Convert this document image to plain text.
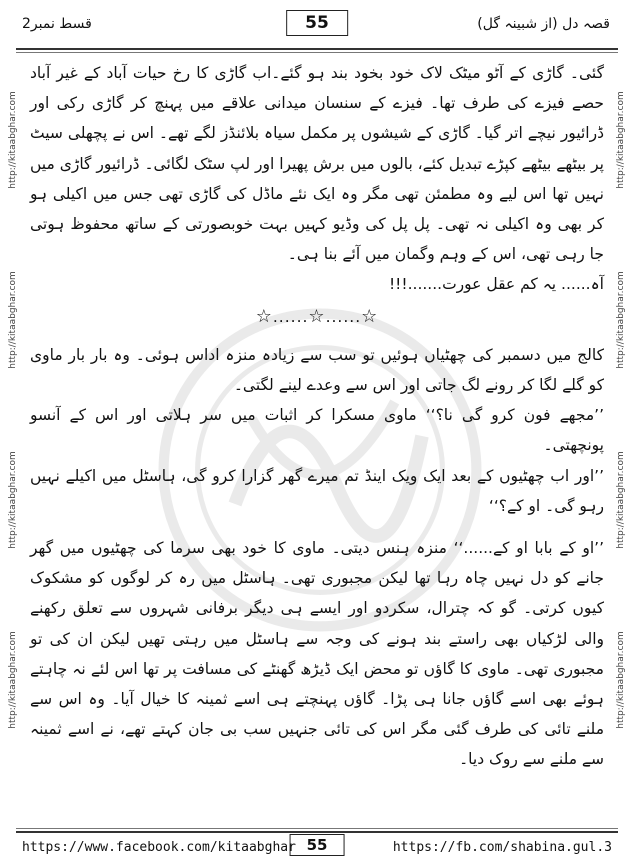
قصہ دل (از شبینہ گل)
55
قسط نمبر2
http://kitaabghar.com
http://kitaabghar.com
http://kitaabghar.com
http://kitaabghar.com
http://kitaabghar.com
http://kitaabghar.com
http://kitaabghar.com
http://kitaabghar.com

گئی۔ گاڑی کے آٹو میٹک لاک خود بخود بند ہو گئے۔اب گاڑی کا رخ حیات آباد کے غیر آباد حصے فیزے کی طرف تھا۔ فیزے کے سنسان میدانی علاقے میں پہنچ کر گاڑی رکی اور ڈرائیور نیچے اتر گیا۔ گاڑی کے شیشوں پر مکمل سیاہ بلائنڈز لگے تھے۔ اس نے پچھلی سیٹ پر بیٹھے بیٹھے کپڑے تبدیل کئے، بالوں میں برش پھیرا اور لپ سٹک لگائی۔ ڈرائیور گاڑی میں نہیں تھا اس لیے وہ مطمئن تھی مگر وہ ایک نئے ماڈل کی گاڑی تھی جس میں اکیلی ہو کر بھی وہ اکیلی نہ تھی۔ پل پل کی وڈیو کہیں بہت خوبصورتی کے ساتھ محفوظ ہوتی جا رہی تھی، اس کے وہم وگمان میں آئے بنا ہی۔

آہ...... یہ کم عقل عورت.......!!!

☆......☆......☆

کالج میں دسمبر کی چھٹیاں ہوئیں تو سب سے زیادہ منزہ اداس ہوئی۔ وہ بار بار ماوی کو گلے لگا کر رونے لگ جاتی اور اس سے وعدے لینے لگتی۔

’’مجھے فون کرو گی نا؟‘‘ ماوی مسکرا کر اثبات میں سر ہلاتی اور اس کے آنسو پونچھتی۔

’’اور اب چھٹیوں کے بعد ایک ویک اینڈ تم میرے گھر گزارا کرو گی، ہاسٹل میں اکیلے نہیں رہو گی۔ او کے؟‘‘

’’او کے بابا او کے......‘‘ منزہ ہنس دیتی۔ ماوی کا خود بھی سرما کی چھٹیوں میں گھر جانے کو دل نہیں چاہ رہا تھا لیکن مجبوری تھی۔ ہاسٹل میں رہ کر لوگوں کو مشکوک کیوں کرتی۔ گو کہ چترال، سکردو اور ایسے ہی دیگر برفانی شہروں سے تعلق رکھنے والی لڑکیاں بھی راستے بند ہونے کی وجہ سے ہاسٹل میں رہتی تھیں لیکن ان کی تو مجبوری تھی۔ ماوی کا گاؤں تو محض ایک ڈیڑھ گھنٹے کی مسافت پر تھا اس لئے نہ چاہتے ہوئے بھی اسے گاؤں جانا ہی پڑا۔ گاؤں پہنچتے ہی اسے ثمینہ کا خیال آیا۔ وہ اس سے ملنے تائی کی طرف گئی مگر اس کی تائی جنہیں سب بی جان کہتے تھے، نے اسے ثمینہ سے ملنے سے روک دیا۔

https://www.facebook.com/kitaabghar 55	https://fb.com/shabina.gul.3
